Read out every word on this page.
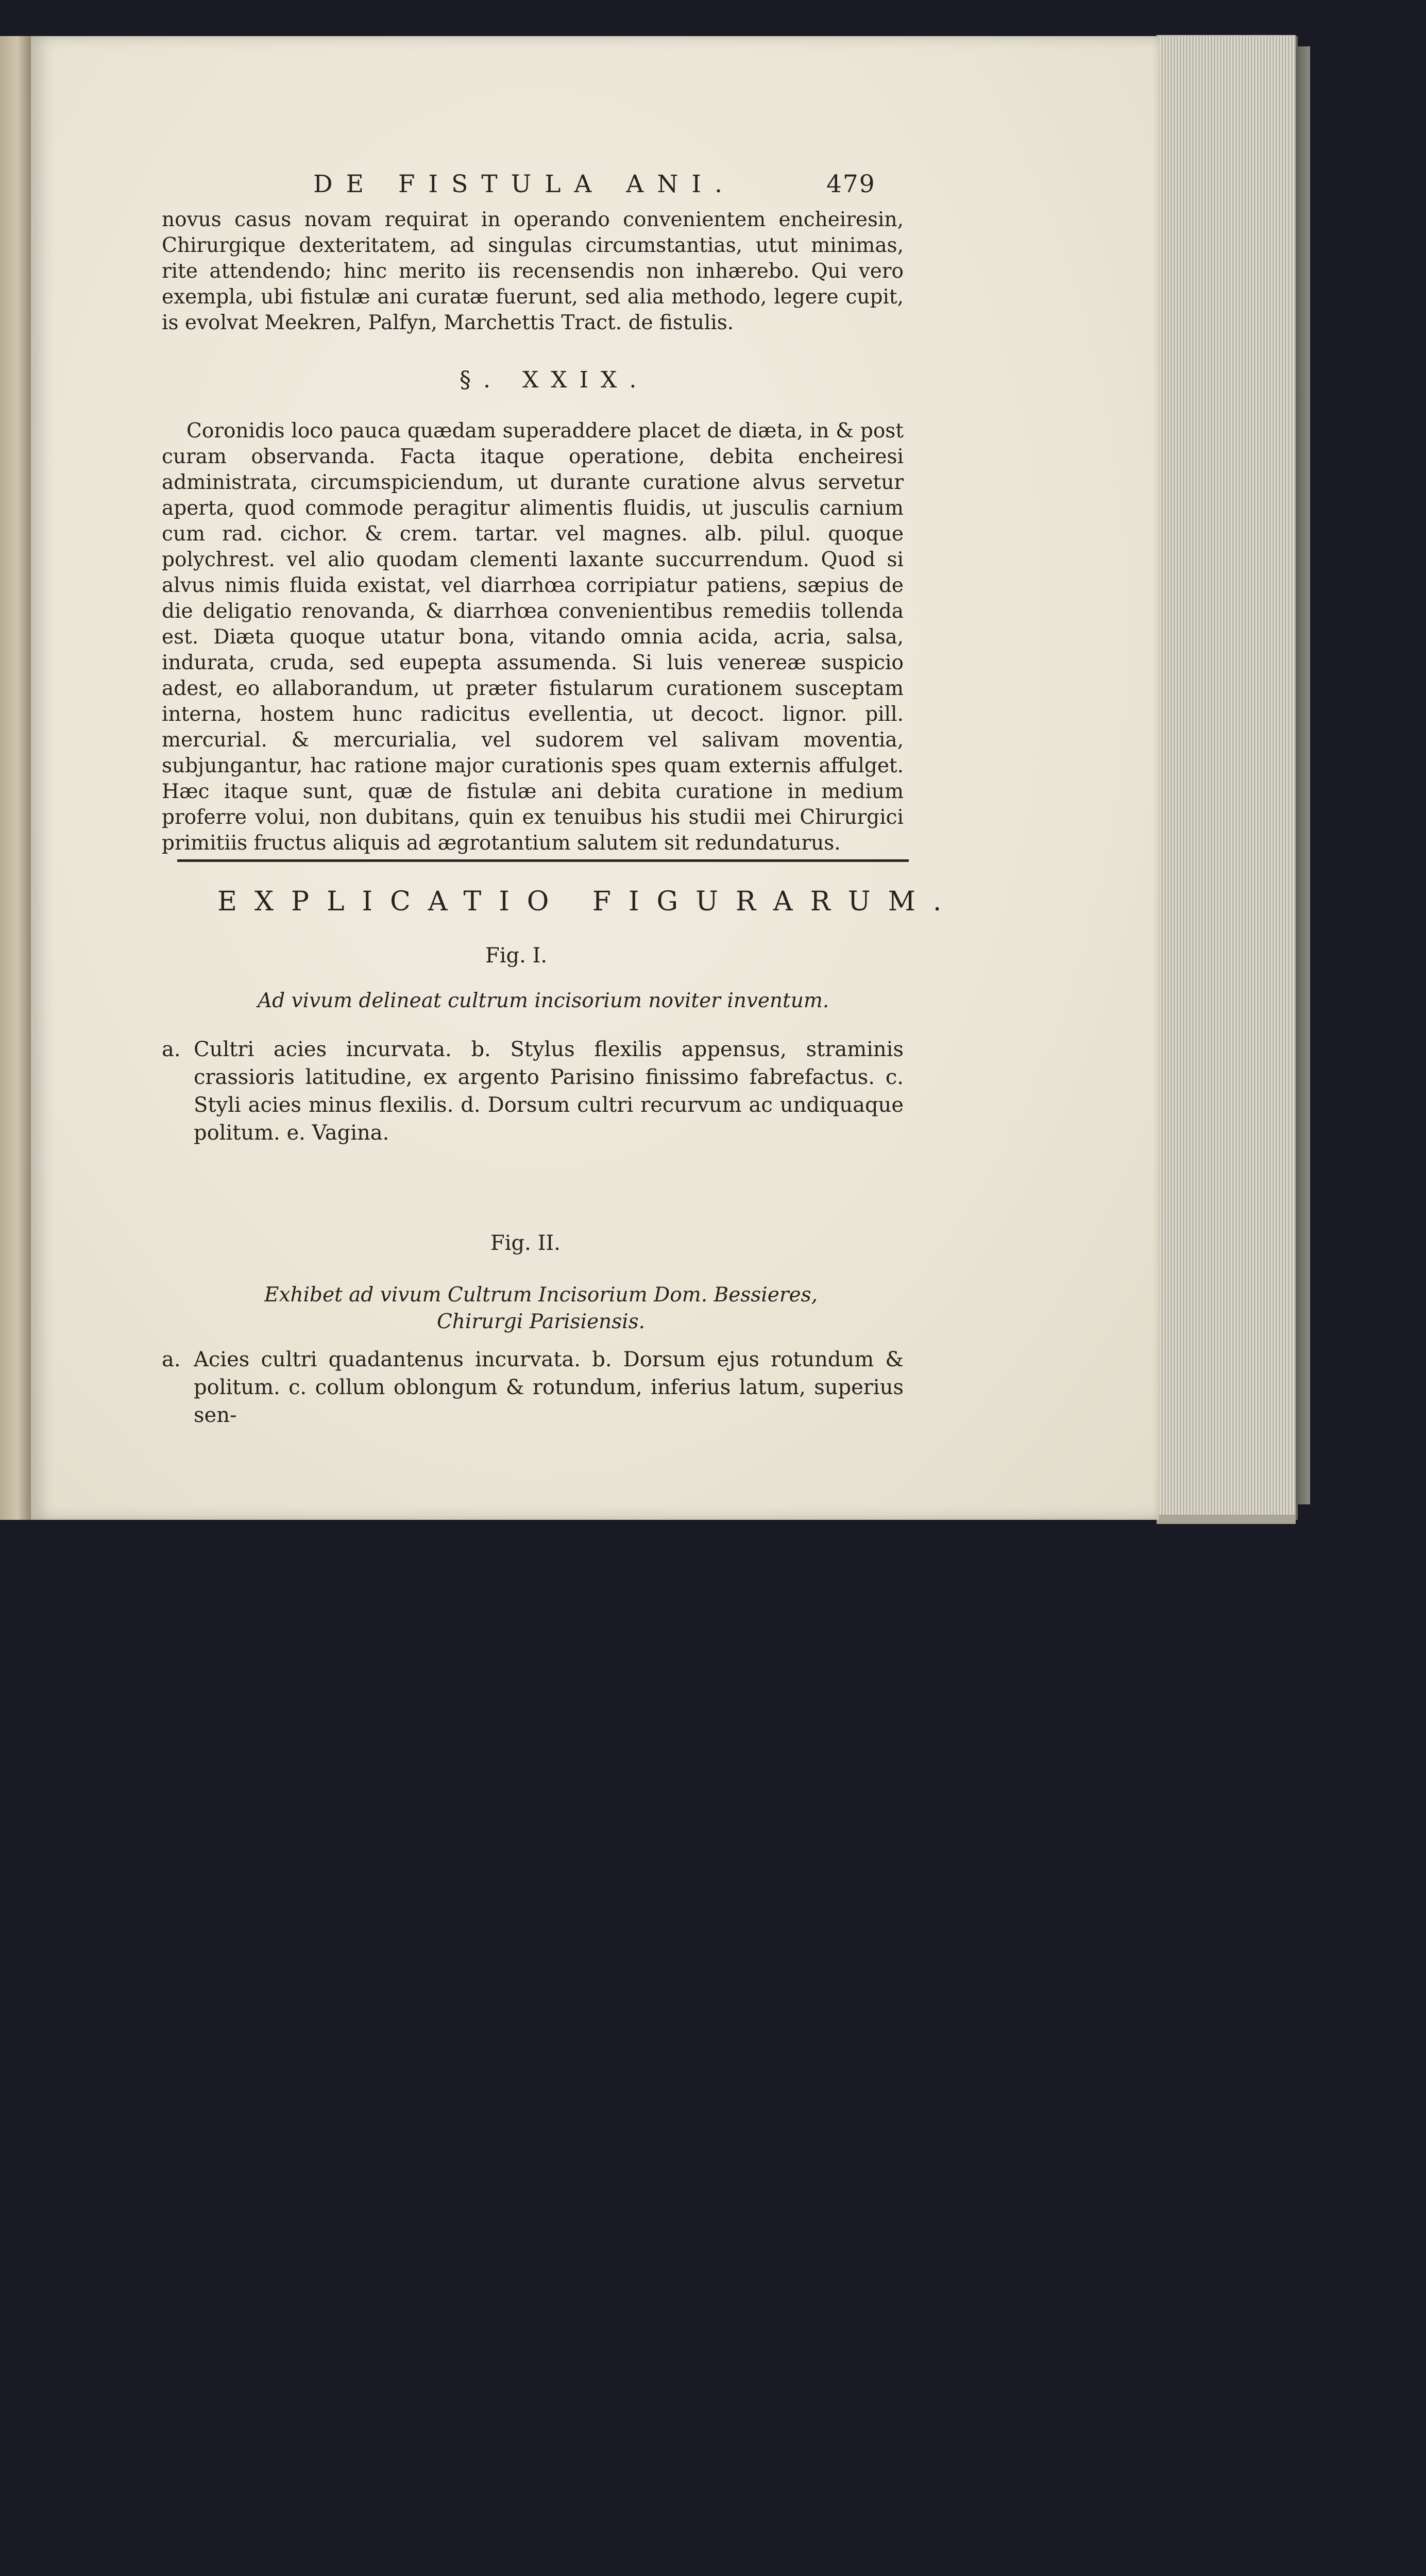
DE FISTULA ANI.	479

novus casus novam requirat in operando convenientem encheiresin, Chirurgique dexteritatem, ad singulas circumstantias, utut minimas, rite attendendo; hinc merito iis recensendis non inhærebo. Qui vero exempla, ubi fistulæ ani curatæ fuerunt, sed alia methodo, legere cupit, is evolvat Meekren, Palfyn, Marchettis Tract. de fistulis.

§. XXIX.

Coronidis loco pauca quædam superaddere placet de diæta, in & post curam observanda. Facta itaque operatione, debita encheiresi administrata, circumspiciendum, ut durante curatione alvus servetur aperta, quod commode peragitur alimentis fluidis, ut jusculis carnium cum rad. cichor. & crem. tartar. vel magnes. alb. pilul. quoque polychrest. vel alio quodam clementi laxante succurrendum. Quod si alvus nimis fluida existat, vel diarrhœa corripiatur patiens, sæpius de die deligatio renovanda, & diarrhœa convenientibus remediis tollenda est. Diæta quoque utatur bona, vitando omnia acida, acria, salsa, indurata, cruda, sed eupepta assumenda. Si luis venereæ suspicio adest, eo allaborandum, ut præter fistularum curationem susceptam interna, hostem hunc radicitus evellentia, ut decoct. lignor. pill. mercurial. & mercurialia, vel sudorem vel salivam moventia, subjungantur, hac ratione major curationis spes quam externis affulget. Hæc itaque sunt, quæ de fistulæ ani debita curatione in medium proferre volui, non dubitans, quin ex tenuibus his studii mei Chirurgici primitiis fructus aliquis ad ægrotantium salutem sit redundaturus.

EXPLICATIO FIGURARUM.
Fig. I.
Ad vivum delineat cultrum incisorium noviter inventum.
a. Cultri acies incurvata. b. Stylus flexilis appensus, straminis crassioris latitudine, ex argento Parisino finissimo fabrefactus. c. Styli acies minus flexilis. d. Dorsum cultri recurvum ac undiquaque politum. e. Vagina.
Fig. II.
Exhibet ad vivum Cultrum Incisorium Dom. Bessieres,
Chirurgi Parisiensis.
a. Acies cultri quadantenus incurvata. b. Dorsum ejus rotundum & politum. c. collum oblongum & rotundum, inferius latum, superius sen-
